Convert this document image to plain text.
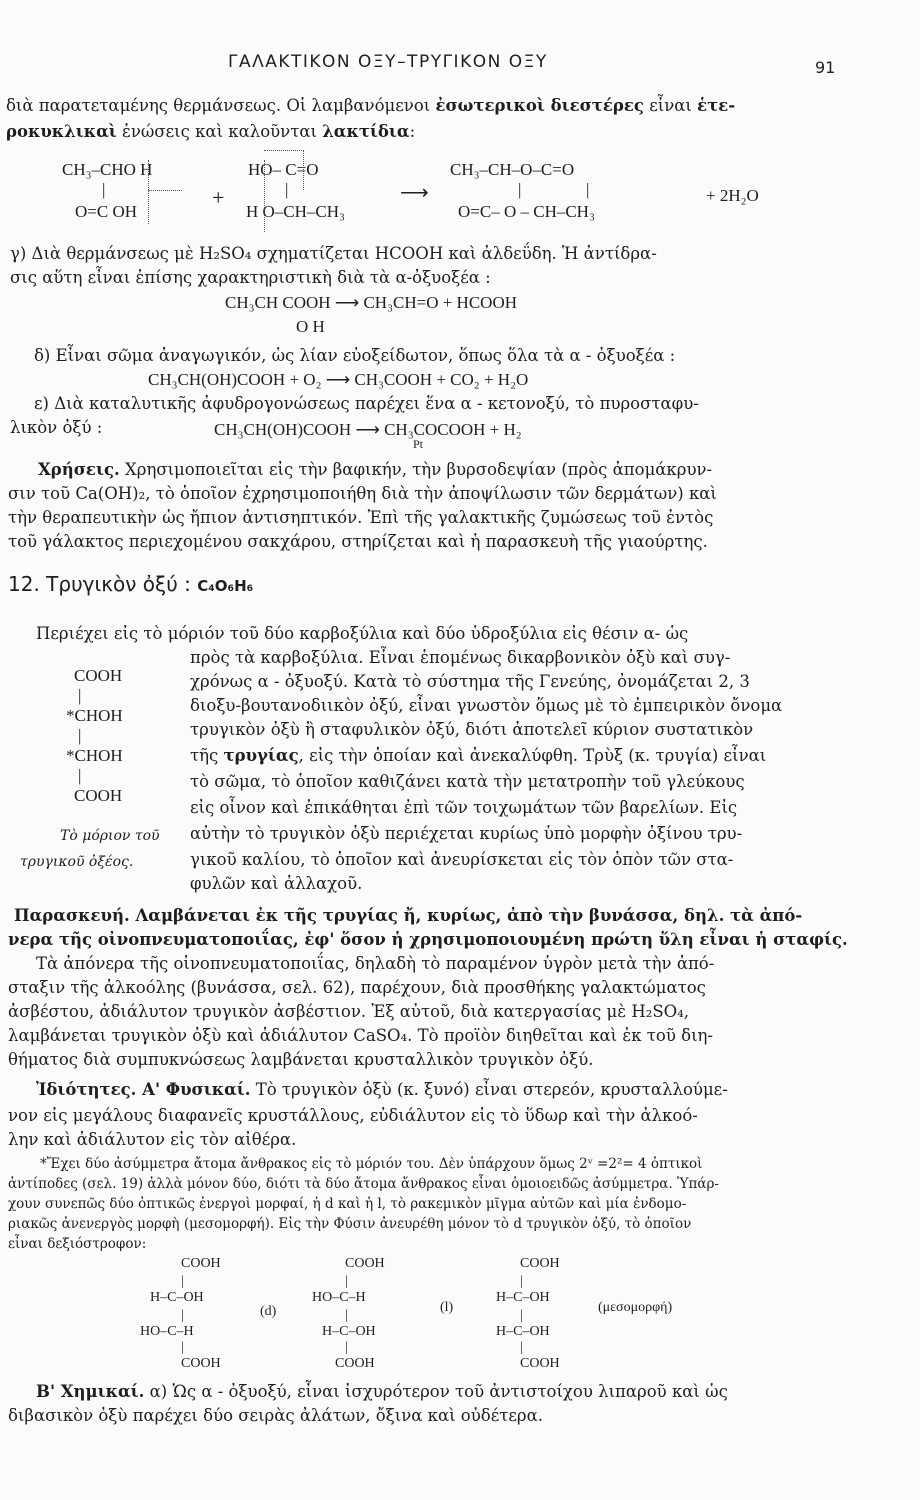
ΓΑΛΑΚΤΙΚΟΝ ΟΞΥ–ΤΡΥΓΙΚΟΝ ΟΞΥ	91
διὰ παρατεταμένης θερμάνσεως. Οἱ λαμβανόμενοι ἐσωτερικοὶ διεστέρες εἶναι ἑτε-
ροκυκλικαὶ ἐνώσεις καὶ καλοῦνται λακτίδια:
CH₃–CHO H	HO– C=O	CH₃–CH–O–C=O
|	|	|	|
+	⟶
O=C OH	H O–CH–CH₃	O=C– O – CH–CH₃
+ 2H₂O
γ) Διὰ θερμάνσεως μὲ H₂SO₄ σχηματίζεται HCOOH καὶ ἀλδεΰδη. Ἡ ἀντίδρα-
σις αὕτη εἶναι ἐπίσης χαρακτηριστικὴ διὰ τὰ α-ὀξυοξέα :
CH₃CH COOH ⟶ CH₃CH=O + HCOOH
O H
δ) Εἶναι σῶμα ἀναγωγικόν, ὡς λίαν εὐοξείδωτον, ὅπως ὅλα τὰ α - ὀξυοξέα :
CH₃CH(OH)COOH + O₂ ⟶ CH₃COOH + CO₂ + H₂O
ε) Διὰ καταλυτικῆς ἀφυδρογονώσεως παρέχει ἕνα α - κετονοξύ, τὸ πυροσταφυ-
λικὸν ὀξύ :	CH₃CH(OH)COOH ⟶ CH₃COCOOH + H₂
Pt
Χρήσεις. Χρησιμοποιεῖται εἰς τὴν βαφικήν, τὴν βυρσοδεψίαν (πρὸς ἀπομάκρυν-
σιν τοῦ Ca(OH)₂, τὸ ὁποῖον ἐχρησιμοποιήθη διὰ τὴν ἀποψίλωσιν τῶν δερμάτων) καὶ
τὴν θεραπευτικὴν ὡς ἤπιον ἀντισηπτικόν. Ἐπὶ τῆς γαλακτικῆς ζυμώσεως τοῦ ἐντὸς
τοῦ γάλακτος περιεχομένου σακχάρου, στηρίζεται καὶ ἡ παρασκευὴ τῆς γιαούρτης.
12. Τρυγικὸν ὀξύ : C₄O₆H₆
Περιέχει εἰς τὸ μόριόν τοῦ δύο καρβοξύλια καὶ δύο ὑδροξύλια εἰς θέσιν α- ὡς
πρὸς τὰ καρβοξύλια. Εἶναι ἑπομένως δικαρβονικὸν ὀξὺ καὶ συγ-
χρόνως α - ὀξυοξύ. Κατὰ τὸ σύστημα τῆς Γενεύης, ὀνομάζεται 2, 3
διοξυ-βουτανοδιικὸν ὀξύ, εἶναι γνωστὸν ὅμως μὲ τὸ ἐμπειρικὸν ὄνομα
τρυγικὸν ὀξὺ ἢ σταφυλικὸν ὀξύ, διότι ἀποτελεῖ κύριον συστατικὸν
τῆς τρυγίας, εἰς τὴν ὁποίαν καὶ ἀνεκαλύφθη. Τρὺξ (κ. τρυγία) εἶναι
τὸ σῶμα, τὸ ὁποῖον καθιζάνει κατὰ τὴν μετατροπὴν τοῦ γλεύκους
εἰς οἶνον καὶ ἐπικάθηται ἐπὶ τῶν τοιχωμάτων τῶν βαρελίων. Εἰς
αὐτὴν τὸ τρυγικὸν ὀξὺ περιέχεται κυρίως ὑπὸ μορφὴν ὀξίνου τρυ-
γικοῦ καλίου, τὸ ὁποῖον καὶ ἀνευρίσκεται εἰς τὸν ὀπὸν τῶν στα-
φυλῶν καὶ ἀλλαχοῦ.
COOH
|
*CHOH
|
*CHOH
|
COOH
Τὸ μόριον τοῦ
τρυγικοῦ ὀξέος.
Παρασκευή. Λαμβάνεται ἐκ τῆς τρυγίας ἤ, κυρίως, ἀπὸ τὴν βυνάσσα, δηλ. τὰ ἀπό-
νερα τῆς οἰνοπνευματοποιΐας, ἐφ' ὅσον ἡ χρησιμοποιουμένη πρώτη ὕλη εἶναι ἡ σταφίς.
Τὰ ἀπόνερα τῆς οἰνοπνευματοποιΐας, δηλαδὴ τὸ παραμένον ὑγρὸν μετὰ τὴν ἀπό-
σταξιν τῆς ἀλκοόλης (βυνάσσα, σελ. 62), παρέχουν, διὰ προσθήκης γαλακτώματος
ἀσβέστου, ἀδιάλυτον τρυγικὸν ἀσβέστιον. Ἐξ αὐτοῦ, διὰ κατεργασίας μὲ H₂SO₄,
λαμβάνεται τρυγικὸν ὀξὺ καὶ ἀδιάλυτον CaSO₄. Τὸ προϊὸν διηθεῖται καὶ ἐκ τοῦ διη-
θήματος διὰ συμπυκνώσεως λαμβάνεται κρυσταλλικὸν τρυγικὸν ὀξύ.
Ἰδιότητες. Α' Φυσικαί. Τὸ τρυγικὸν ὀξὺ (κ. ξυνό) εἶναι στερεόν, κρυσταλλούμε-
νον εἰς μεγάλους διαφανεῖς κρυστάλλους, εὐδιάλυτον εἰς τὸ ὕδωρ καὶ τὴν ἀλκοό-
λην καὶ ἀδιάλυτον εἰς τὸν αἰθέρα.
*Ἔχει δύο ἀσύμμετρα ἄτομα ἄνθρακος εἰς τὸ μόριόν του. Δὲν ὑπάρχουν ὅμως 2ᵛ =2²= 4 ὀπτικοὶ
ἀντίποδες (σελ. 19) ἀλλὰ μόνον δύο, διότι τὰ δύο ἄτομα ἄνθρακος εἶναι ὁμοιοειδῶς ἀσύμμετρα. Ὑπάρ-
χουν συνεπῶς δύο ὀπτικῶς ἐνεργοὶ μορφαί, ἡ d καὶ ἡ l, τὸ ρακεμικὸν μῖγμα αὐτῶν καὶ μία ἐνδομο-
ριακῶς ἀνενεργὸς μορφὴ (μεσομορφή). Εἰς τὴν Φύσιν ἀνευρέθη μόνον τὸ d τρυγικὸν ὀξύ, τὸ ὁποῖον
εἶναι δεξιόστροφον:
COOH
|
H–C–OH
|
HO–C–H
|
COOH
(d)
COOH
|
HO–C–H
|
H–C–OH
|
COOH
(l)
COOH
|
H–C–OH
|
H–C–OH
|
COOH
(μεσομορφή)
Β' Χημικαί. α) Ὡς α - ὀξυοξύ, εἶναι ἰσχυρότερον τοῦ ἀντιστοίχου λιπαροῦ καὶ ὡς
διβασικὸν ὀξὺ παρέχει δύο σειρὰς ἀλάτων, ὄξινα καὶ οὐδέτερα.
